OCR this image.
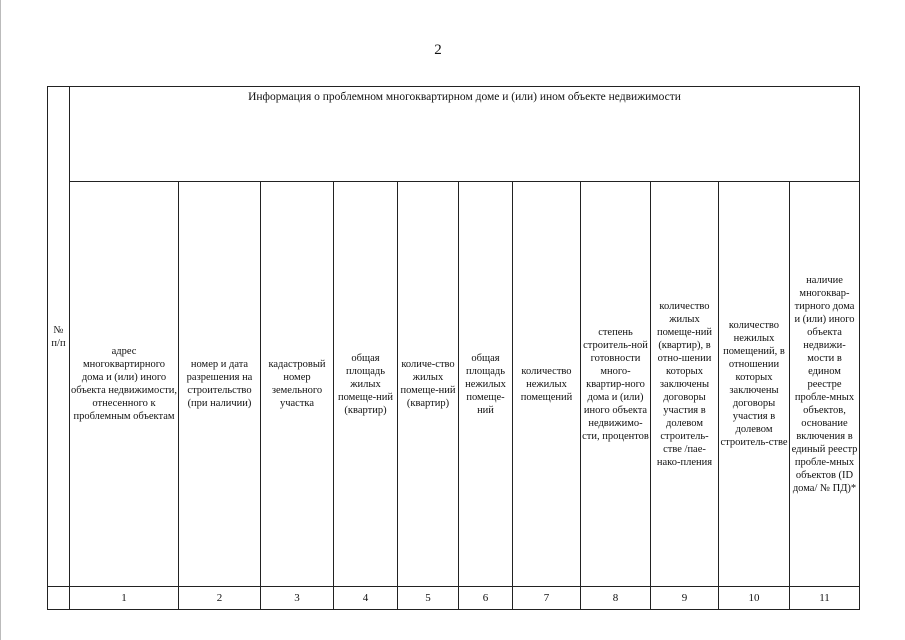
2
№ п/п	Информация о проблемном многоквартирном доме и (или) ином объекте недвижимости										

	адрес многоквартирного дома и (или) иного объекта недвижимости, отнесенного к проблемным объектам	номер и дата разрешения на строительство (при наличии)	кадастровый номер земельного участка	общая площадь жилых помеще-ний (квартир)	количе-ство жилых помеще-ний (квартир)	общая площадь нежилых помеще-ний	количество нежилых помещений	степень строитель-ной готовности много-квартир-ного дома и (или) иного объекта недвижимо-сти, процентов	количество жилых помеще-ний (квартир), в отно-шении которых заключены договоры участия в долевом строитель-стве /пае-нако-пления	количество нежилых помещений, в отношении которых заключены договоры участия в долевом строитель-стве	наличие многоквар-тирного дома и (или) иного объекта недвижи-мости в едином реестре пробле-мных объектов, основание включения в единый реестр пробле-мных объектов (ID дома/ № ПД)*

	1	2	3	4	5	6	7	8	9	10	11
